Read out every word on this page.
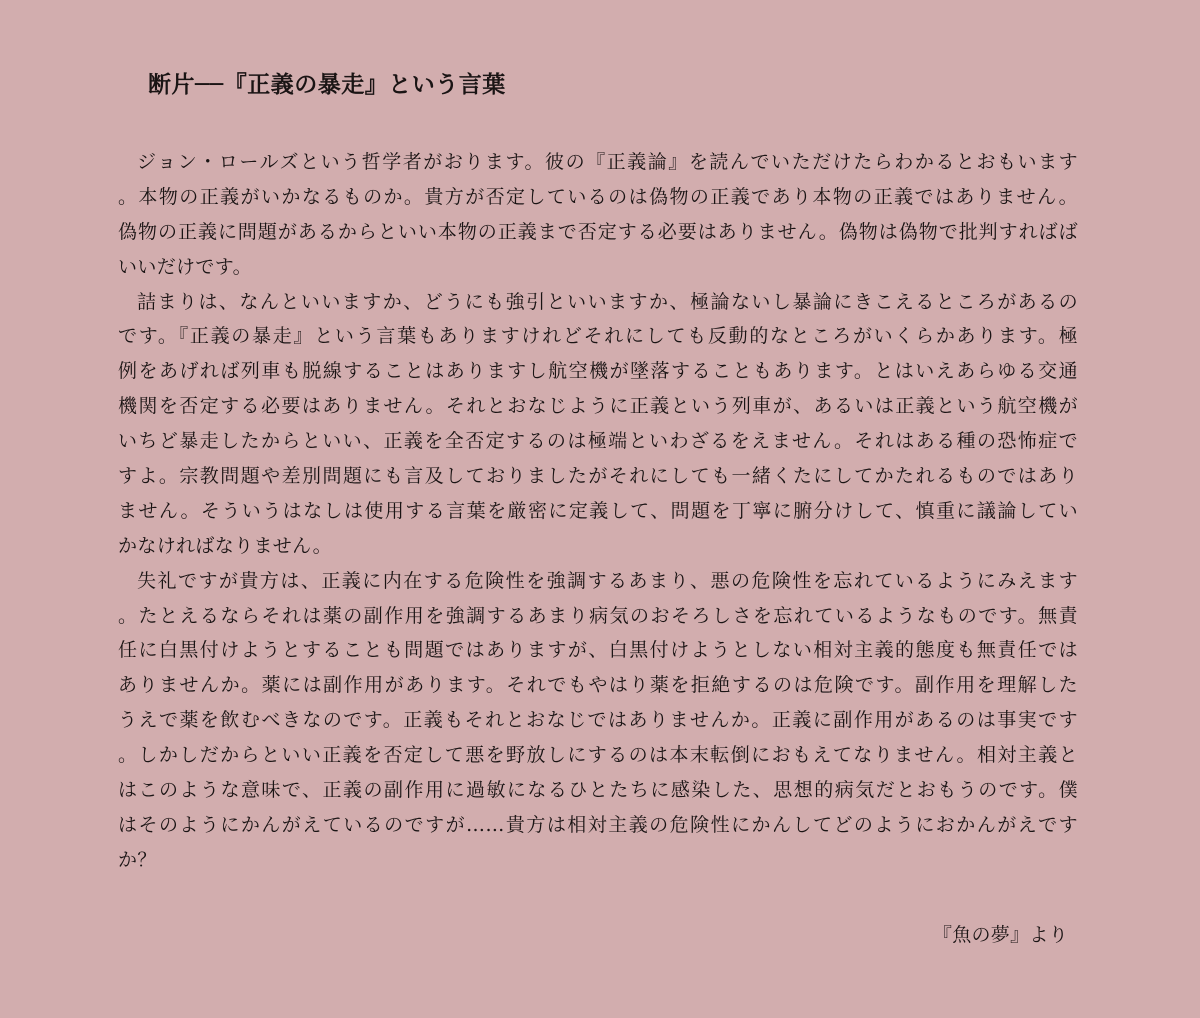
断片──『正義の暴走』という言葉
ジョン・ロールズという哲学者がおります。彼の『正義論』を読んでいただけたらわかるとおもいます
。本物の正義がいかなるものか。貴方が否定しているのは偽物の正義であり本物の正義ではありません。
偽物の正義に問題があるからといい本物の正義まで否定する必要はありません。偽物は偽物で批判すればば
いいだけです。
詰まりは、なんといいますか、どうにも強引といいますか、極論ないし暴論にきこえるところがあるの
です。『正義の暴走』という言葉もありますけれどそれにしても反動的なところがいくらかあります。極
例をあげれば列車も脱線することはありますし航空機が墜落することもあります。とはいえあらゆる交通
機関を否定する必要はありません。それとおなじように正義という列車が、あるいは正義という航空機が
いちど暴走したからといい、正義を全否定するのは極端といわざるをえません。それはある種の恐怖症で
すよ。宗教問題や差別問題にも言及しておりましたがそれにしても一緒くたにしてかたれるものではあり
ません。そういうはなしは使用する言葉を厳密に定義して、問題を丁寧に腑分けして、慎重に議論してい
かなければなりません。
失礼ですが貴方は、正義に内在する危険性を強調するあまり、悪の危険性を忘れているようにみえます
。たとえるならそれは薬の副作用を強調するあまり病気のおそろしさを忘れているようなものです。無責
任に白黒付けようとすることも問題ではありますが、白黒付けようとしない相対主義的態度も無責任では
ありませんか。薬には副作用があります。それでもやはり薬を拒絶するのは危険です。副作用を理解した
うえで薬を飲むべきなのです。正義もそれとおなじではありませんか。正義に副作用があるのは事実です
。しかしだからといい正義を否定して悪を野放しにするのは本末転倒におもえてなりません。相対主義と
はこのような意味で、正義の副作用に過敏になるひとたちに感染した、思想的病気だとおもうのです。僕
はそのようにかんがえているのですが……貴方は相対主義の危険性にかんしてどのようにおかんがえです
か？
『魚の夢』より
